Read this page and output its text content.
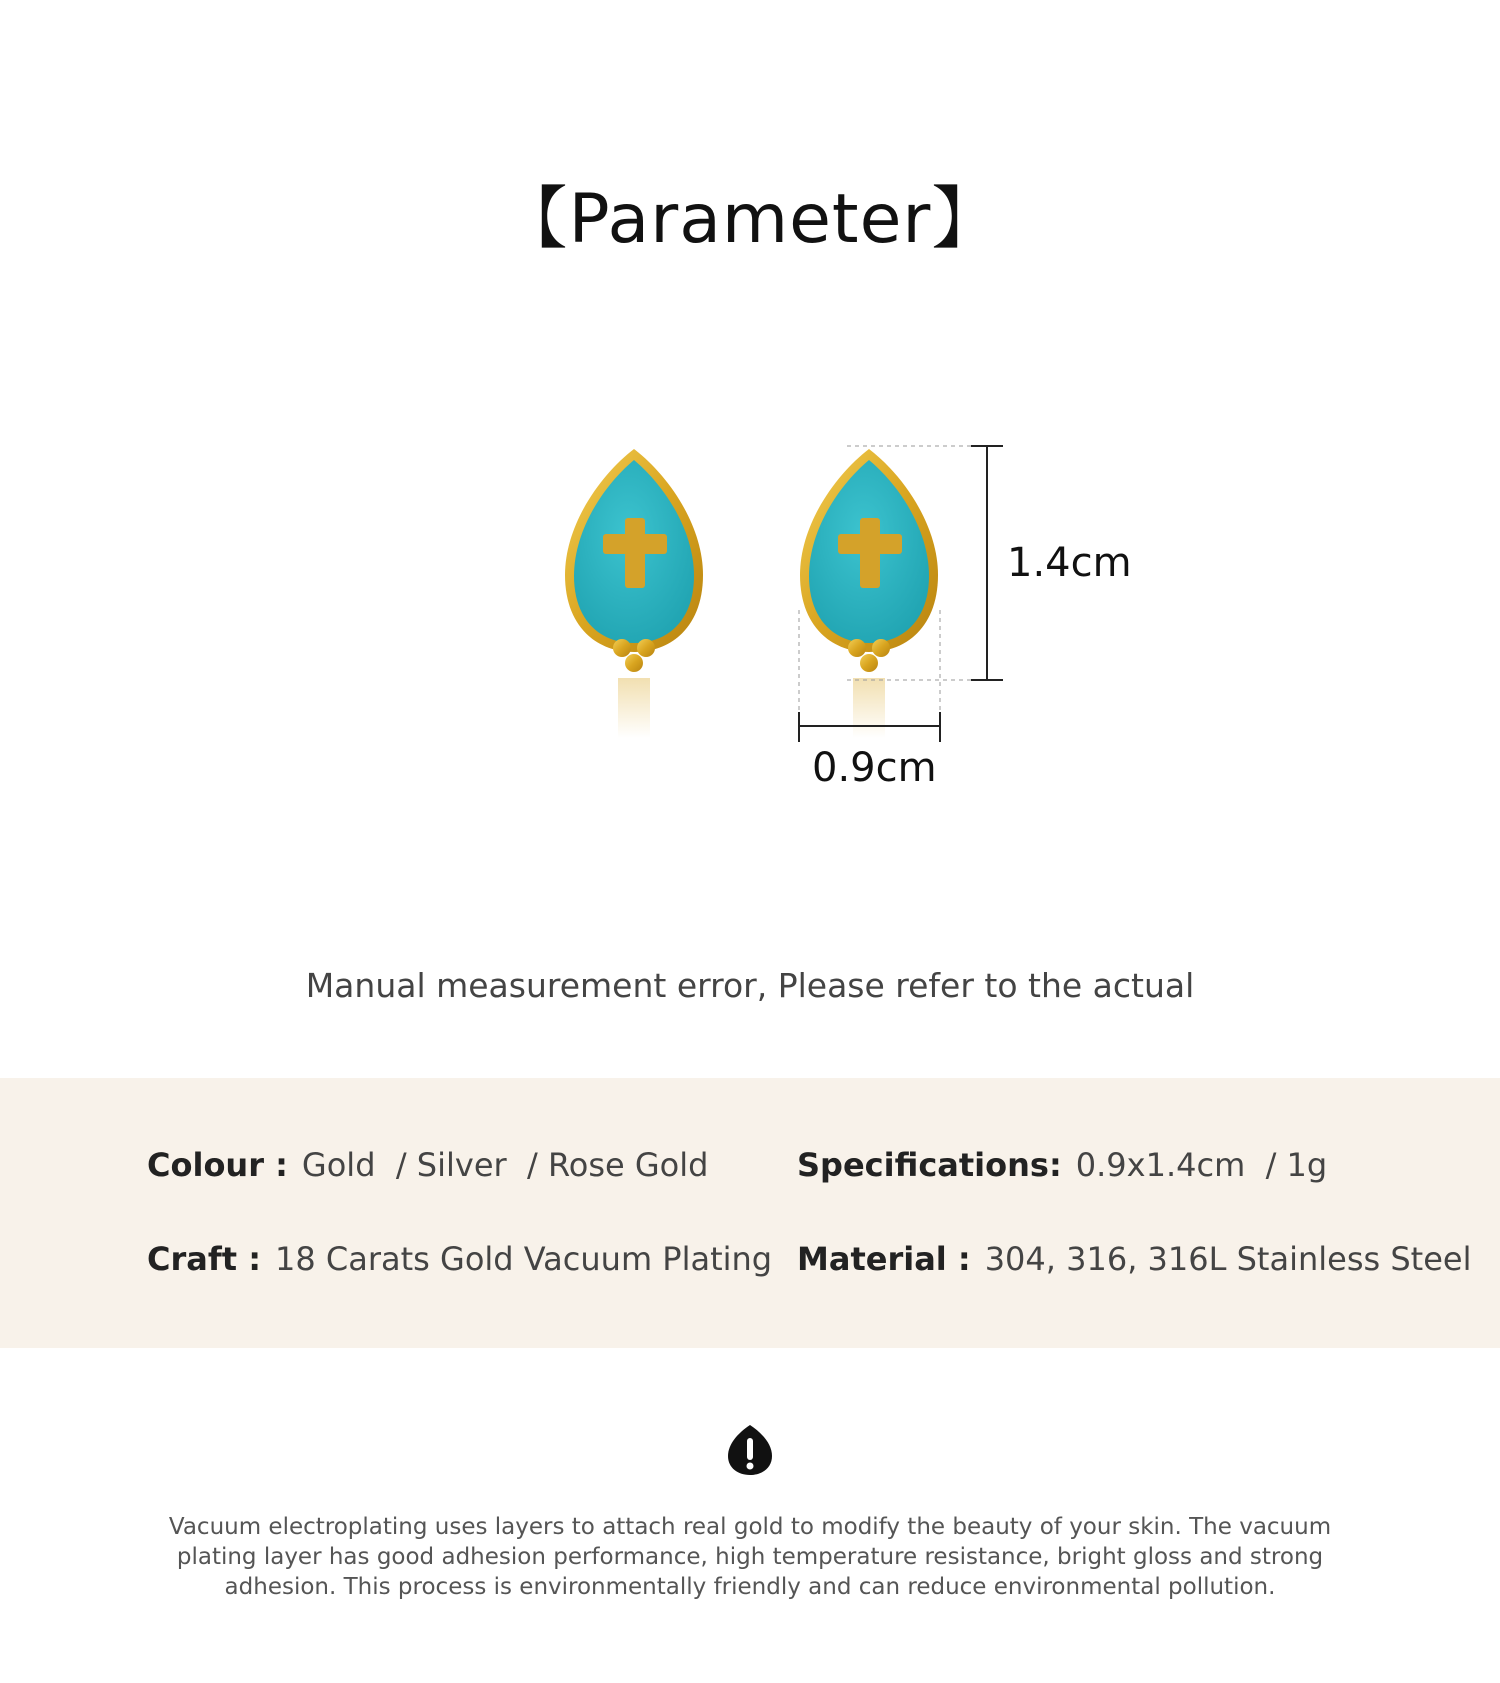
【Parameter】
1.4cm
0.9cm
Manual measurement error, Please refer to the actual
Colour : Gold  / Silver  / Rose Gold	Specifications: 0.9x1.4cm  / 1g
Craft : 18 Carats Gold Vacuum Plating Material : 304, 316, 316L Stainless Steel
Vacuum electroplating uses layers to attach real gold to modify the beauty of your skin. The vacuum plating layer has good adhesion performance, high temperature resistance, bright gloss and strong adhesion. This process is environmentally friendly and can reduce environmental pollution.
